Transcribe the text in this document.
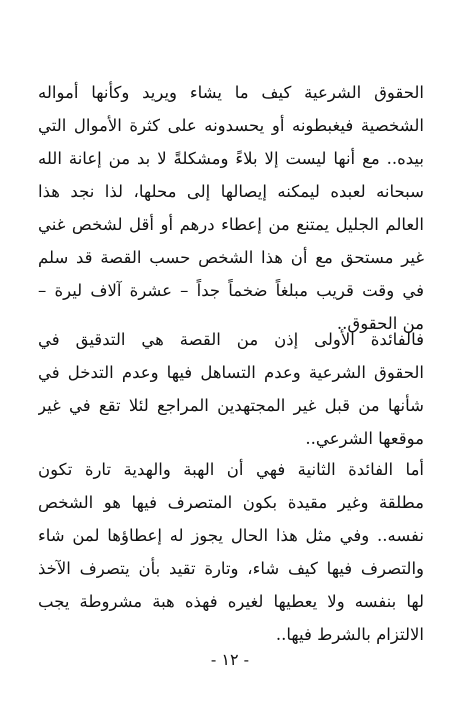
الحقوق الشرعية كيف ما يشاء ويريد وكأنها أمواله
الشخصية فيغبطونه أو يحسدونه على كثرة الأموال التي
بيده.. مع أنها ليست إلا بلاءً ومشكلةً لا بد من إعانة الله
سبحانه لعبده ليمكنه إيصالها إلى محلها، لذا نجد هذا
العالم الجليل يمتنع من إعطاء درهم أو أقل لشخص غني
غير مستحق مع أن هذا الشخص حسب القصة قد سلم
في وقت قريب مبلغاً ضخماً جداً – عشرة آلاف ليرة –
من الحقوق..
فالفائدة الأولى إذن من القصة هي التدقيق في
الحقوق الشرعية وعدم التساهل فيها وعدم التدخل في
شأنها من قبل غير المجتهدين المراجع لئلا تقع في غير
موقعها الشرعي..
أما الفائدة الثانية فهي أن الهبة والهدية تارة تكون
مطلقة وغير مقيدة بكون المتصرف فيها هو الشخص
نفسه.. وفي مثل هذا الحال يجوز له إعطاؤها لمن شاء
والتصرف فيها كيف شاء، وتارة تقيد بأن يتصرف الآخذ
لها بنفسه ولا يعطيها لغيره فهذه هبة مشروطة يجب
الالتزام بالشرط فيها..
- ١٢ -
